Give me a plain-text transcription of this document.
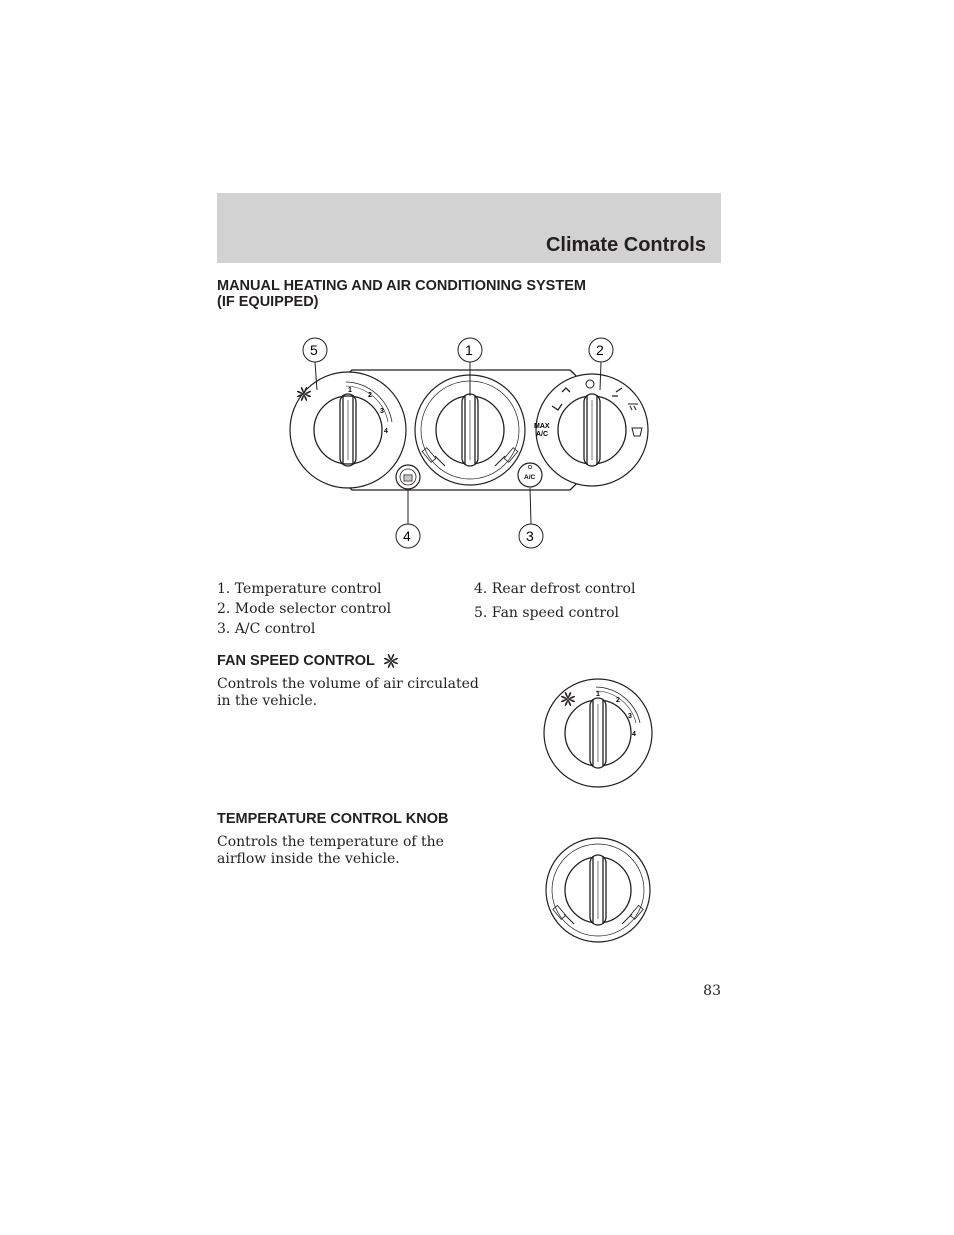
Climate Controls
MANUAL HEATING AND AIR CONDITIONING SYSTEM
(IF EQUIPPED)
1
2
3
4
MAX
A/C
A/C
5	1	2
4	3
1. Temperature control
2. Mode selector control
3. A/C control
4. Rear defrost control
5. Fan speed control
FAN SPEED CONTROL
Controls the volume of air circulated
in the vehicle.	1
2
3
4
TEMPERATURE CONTROL KNOB
Controls the temperature of the
airflow inside the vehicle.
83
